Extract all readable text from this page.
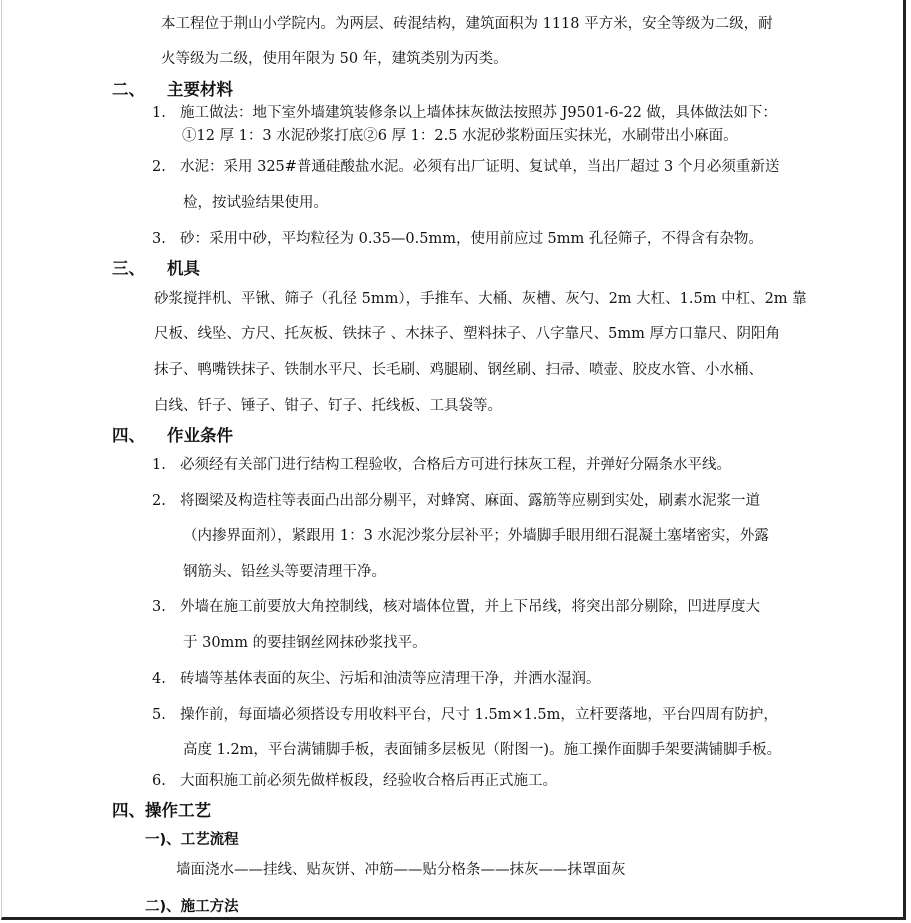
本工程位于荆山小学院内。为两层、砖混结构，建筑面积为 1118 平方米，安全等级为二级，耐
火等级为二级，使用年限为 50 年，建筑类别为丙类。
二、 主要材料
1. 施工做法：地下室外墙建筑装修条以上墙体抹灰做法按照苏 J9501-6-22 做，具体做法如下：
①12 厚 1：3 水泥砂浆打底②6 厚 1：2.5 水泥砂浆粉面压实抹光，水刷带出小麻面。
2. 水泥：采用 325#普通硅酸盐水泥。必须有出厂证明、复试单，当出厂超过 3 个月必须重新送
检，按试验结果使用。
3. 砂：采用中砂，平均粒径为 0.35—0.5mm，使用前应过 5mm 孔径筛子，不得含有杂物。
三、 机具
砂浆搅拌机、平锹、筛子（孔径 5mm），手推车、大桶、灰槽、灰勺、2m 大杠、1.5m 中杠、2m 靠
尺板、线坠、方尺、托灰板、铁抹子 、木抹子、塑料抹子、八字靠尺、5mm 厚方口靠尺、阴阳角
抹子、鸭嘴铁抹子、铁制水平尺、长毛刷、鸡腿刷、钢丝刷、扫帚、喷壶、胶皮水管、小水桶、
白线、钎子、锤子、钳子、钉子、托线板、工具袋等。
四、 作业条件
1. 必须经有关部门进行结构工程验收，合格后方可进行抹灰工程，并弹好分隔条水平线。
2. 将圈梁及构造柱等表面凸出部分剔平，对蜂窝、麻面、露筋等应剔到实处，刷素水泥浆一道
（内掺界面剂），紧跟用 1：3 水泥沙浆分层补平；外墙脚手眼用细石混凝土塞堵密实，外露
钢筋头、铅丝头等要清理干净。
3. 外墙在施工前要放大角控制线，核对墙体位置，并上下吊线，将突出部分剔除，凹进厚度大
于 30mm 的要挂钢丝网抹砂浆找平。
4. 砖墙等基体表面的灰尘、污垢和油渍等应清理干净，并洒水湿润。
5. 操作前，每面墙必须搭设专用收料平台，尺寸 1.5m×1.5m，立杆要落地，平台四周有防护，
高度 1.2m，平台满铺脚手板，表面铺多层板见（附图一)。施工操作面脚手架要满铺脚手板。
6. 大面积施工前必须先做样板段，经验收合格后再正式施工。
四、操作工艺
一)、工艺流程
墙面浇水——挂线、贴灰饼、冲筋——贴分格条——抹灰——抹罩面灰
二)、施工方法
